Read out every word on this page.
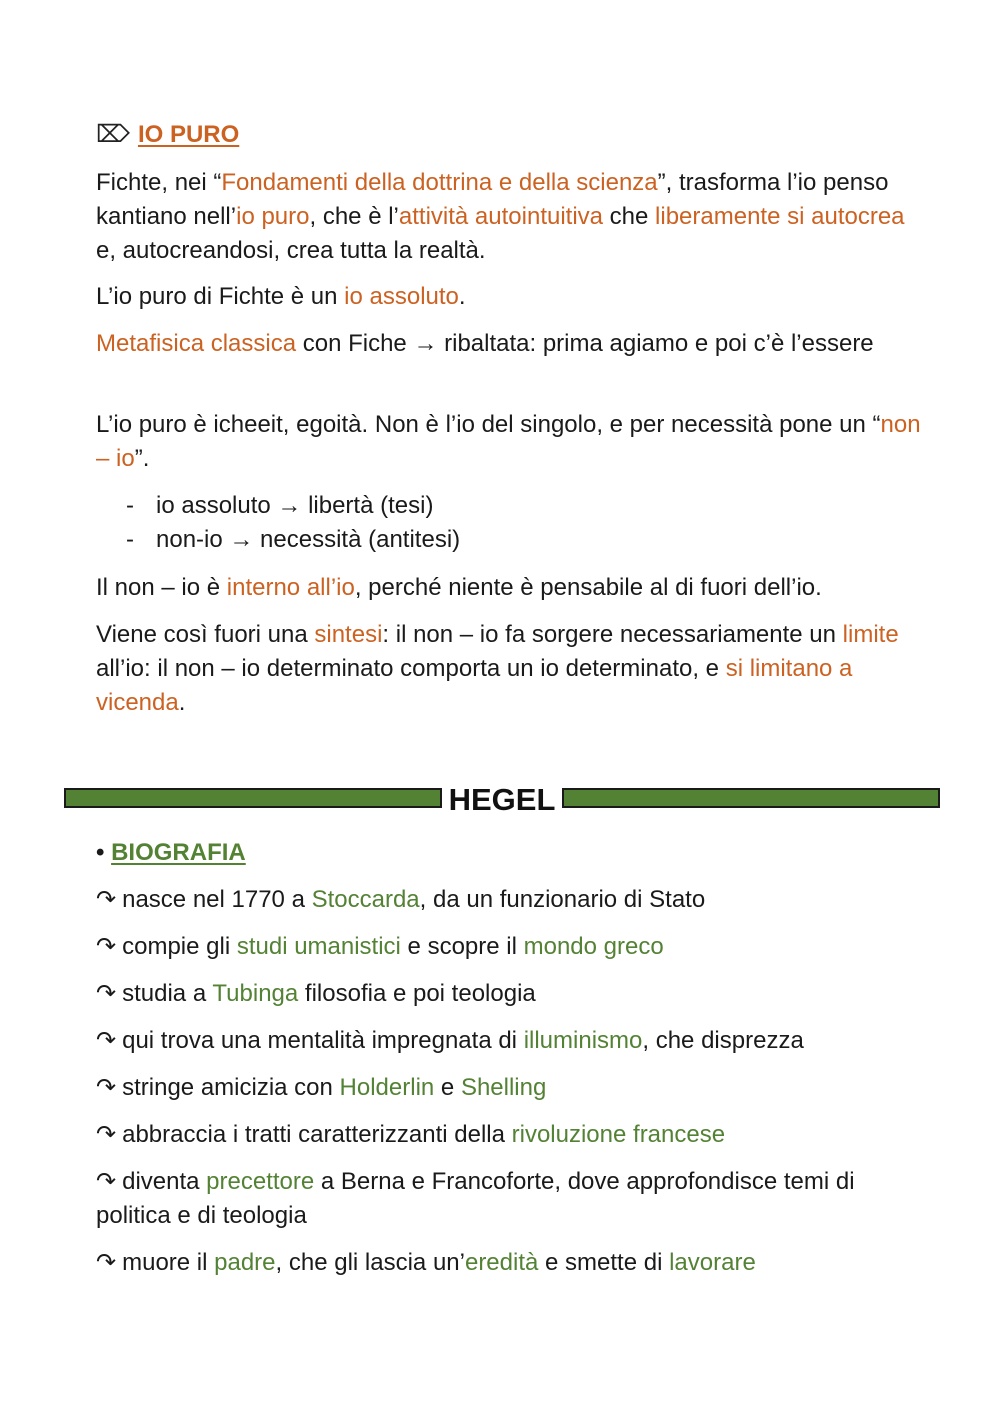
⌦ IO PURO

Fichte, nei “Fondamenti della dottrina e della scienza”, trasforma l’io penso kantiano nell’io puro, che è l’attività autointuitiva che liberamente si autocrea e, autocreandosi, crea tutta la realtà.

L’io puro di Fichte è un io assoluto.

Metafisica classica con Fiche → ribaltata: prima agiamo e poi c’è l’essere

L’io puro è icheeit, egoità. Non è l’io del singolo, e per necessità pone un “non – io”.

- io assoluto → libertà (tesi)
- non-io → necessità (antitesi)

Il non – io è interno all’io, perché niente è pensabile al di fuori dell’io.

Viene così fuori una sintesi: il non – io fa sorgere necessariamente un limite all’io: il non – io determinato comporta un io determinato, e si limitano a vicenda.

HEGEL
• BIOGRAFIA

↷ nasce nel 1770 a Stoccarda, da un funzionario di Stato

↷ compie gli studi umanistici e scopre il mondo greco

↷ studia a Tubinga filosofia e poi teologia

↷ qui trova una mentalità impregnata di illuminismo, che disprezza

↷ stringe amicizia con Holderlin e Shelling

↷ abbraccia i tratti caratterizzanti della rivoluzione francese

↷ diventa precettore a Berna e Francoforte, dove approfondisce temi di politica e di teologia

↷ muore il padre, che gli lascia un’eredità e smette di lavorare
